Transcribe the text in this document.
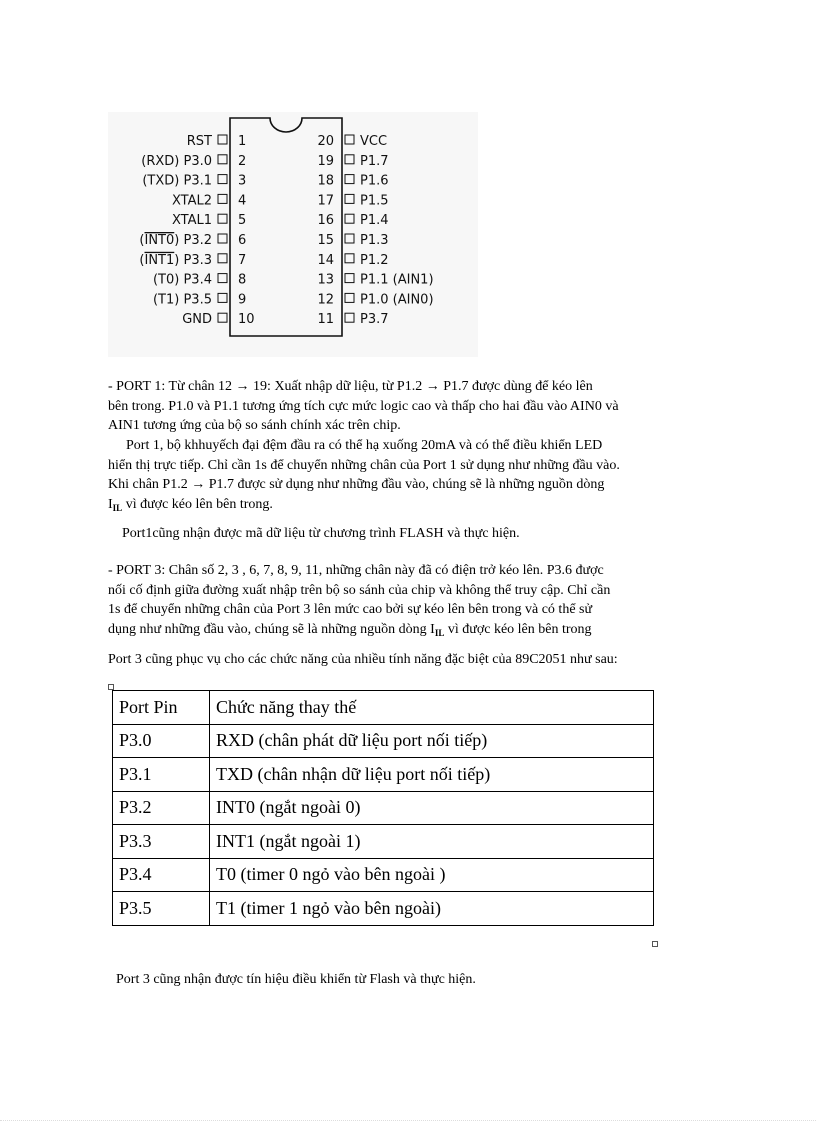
1
RST
2
(RXD) P3.0
3
(TXD) P3.1
4
XTAL2
5
XTAL1
6
(INT0) P3.2
7
(INT1) P3.3
8
(T0) P3.4
9
(T1) P3.5
10
GND
20 VCC
19 P1.7
18 P1.6
17 P1.5
16 P1.4
15 P1.3
14 P1.2
13 P1.1 (AIN1)
12 P1.0 (AIN0)
11 P3.7
- PORT 1: Từ chân 12 → 19: Xuất nhập dữ liệu, từ P1.2 → P1.7 được dùng để kéo lên
bên trong. P1.0 và P1.1 tương ứng tích cực mức logic cao và thấp cho hai đầu vào AIN0 và
AIN1 tương ứng của bộ so sánh chính xác trên chip.
Port 1, bộ khhuyếch đại đệm đầu ra có thể hạ xuống 20mA và có thể điều khiển LED
hiển thị trực tiếp. Chỉ cần 1s để chuyển những chân của Port 1 sử dụng như những đầu vào.
Khi chân P1.2 → P1.7 được sử dụng như những đầu vào, chúng sẽ là những nguồn dòng
$I_{IL}$ vì được kéo lên bên trong.
Port1cũng nhận được mã dữ liệu từ chương trình FLASH và thực hiện.
- PORT 3: Chân số 2, 3 , 6, 7, 8, 9, 11, những chân này đã có điện trở kéo lên. P3.6 được
nối cố định giữa đường xuất nhập trên bộ so sánh của chip và không thể truy cập. Chỉ cần
1s để chuyển những chân của Port 3 lên mức cao bởi sự kéo lên bên trong và có thể sử
dụng như những đầu vào, chúng sẽ là những nguồn dòng $I_{IL}$ vì được kéo lên bên trong
Port 3 cũng phục vụ cho các chức năng của nhiều tính năng đặc biệt của 89C2051 như sau:
Port Pin	Chức năng thay thế
P3.0	RXD (chân phát dữ liệu port nối tiếp)
P3.1	TXD (chân nhận dữ liệu port nối tiếp)
P3.2	INT0 (ngắt ngoài 0)
P3.3	INT1 (ngắt ngoài 1)
P3.4	T0 (timer 0 ngỏ vào bên ngoài )
P3.5	T1 (timer 1 ngỏ vào bên ngoài)
Port 3 cũng nhận được tín hiệu điều khiển từ Flash và thực hiện.
